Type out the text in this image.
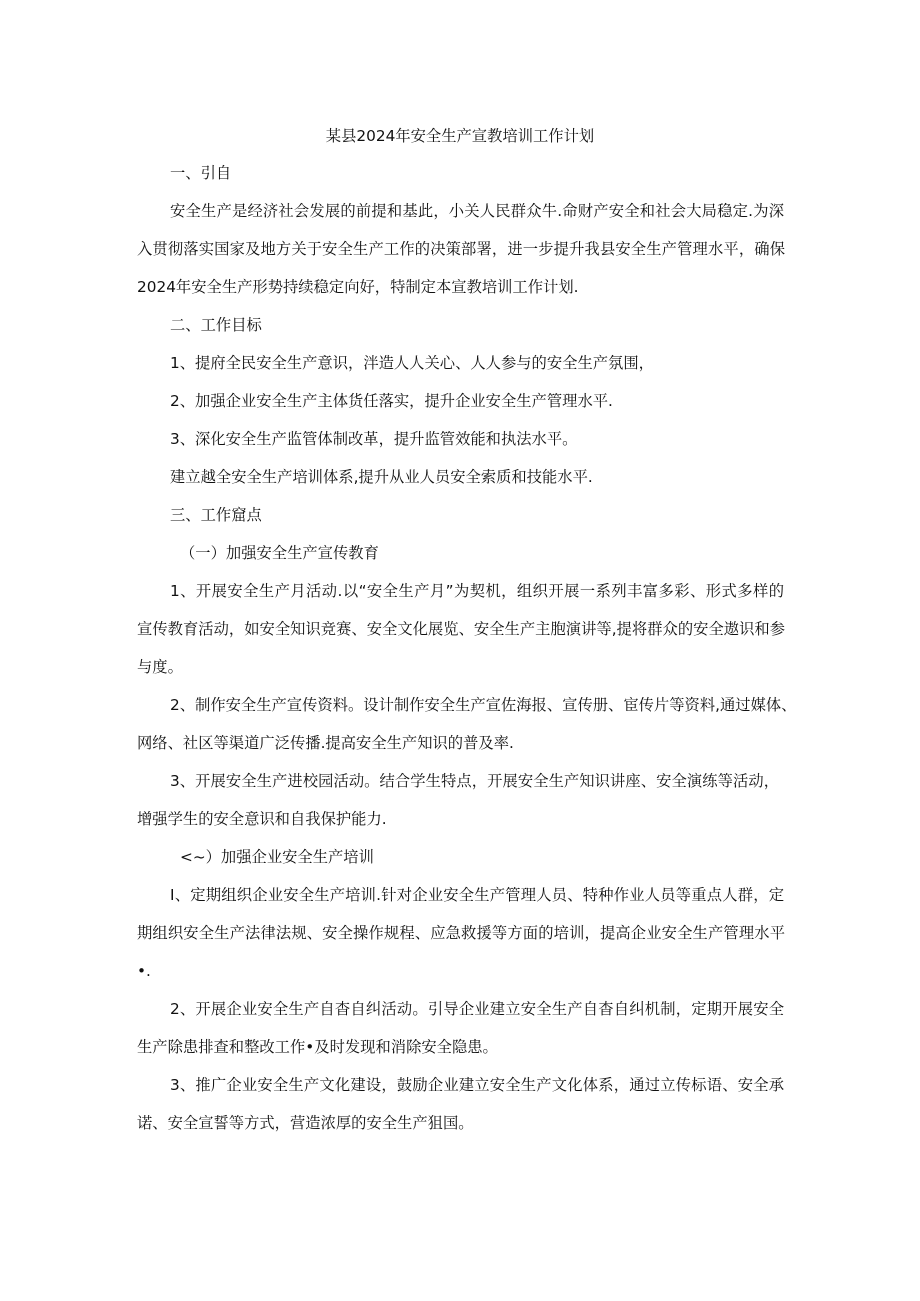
某县2024年安全生产宣教培训工作计划
一、引自
安全生产是经济社会发展的前提和基此，小关人民群众牛.命财产安全和社会大局稳定.为深
入贯彻落实国家及地方关于安全生产工作的决策部署，进一步提升我县安全生产管理水平，确保
2024年安全生产形势持续稳定向好，特制定本宣教培训工作计划.
二、工作目标
1、提府全民安全生产意识，泮造人人关心、人人参与的安全生产氛围，
2、加强企业安全生产主体货任落实，提升企业安全生产管理水平.
3、深化安全生产监管体制改革，提升监管效能和执法水平。
建立越全安全生产培训体系,提升从业人员安全索质和技能水平.
三、工作窟点
（一）加强安全生产宣传教育
1、开展安全生产月活动.以“安全生产月”为契机，组织开展一系列丰富多彩、形式多样的
宣传教育活动，如安全知识竞赛、安全文化展览、安全生产主胞演讲等,提将群众的安全遨识和参
与度。
2、制作安全生产宣传资料。设计制作安全生产宣佐海报、宣传册、宦传片等资料,通过媒体、
网络、社区等渠道广泛传播.提高安全生产知识的普及率.
3、开展安全生产进校园活动。结合学生特点，开展安全生产知识讲座、安全演练等活动，
增强学生的安全意识和自我保护能力.
<~）加强企业安全生产培训
I、定期组织企业安全生产培训.针对企业安全生产管理人员、特种作业人员等重点人群，定
期组织安全生产法律法规、安全操作规程、应急救援等方面的培训，提高企业安全生产管理水平
•.
2、开展企业安全生产自杳自纠活动。引导企业建立安全生产自杳自纠机制，定期开展安全
生产除患排查和整改工作•及时发现和消除安全隐患。
3、推广企业安全生产文化建设，鼓励企业建立安全生产文化体系，通过立传标语、安全承
诺、安全宣誓等方式，营造浓厚的安全生产狙国。
